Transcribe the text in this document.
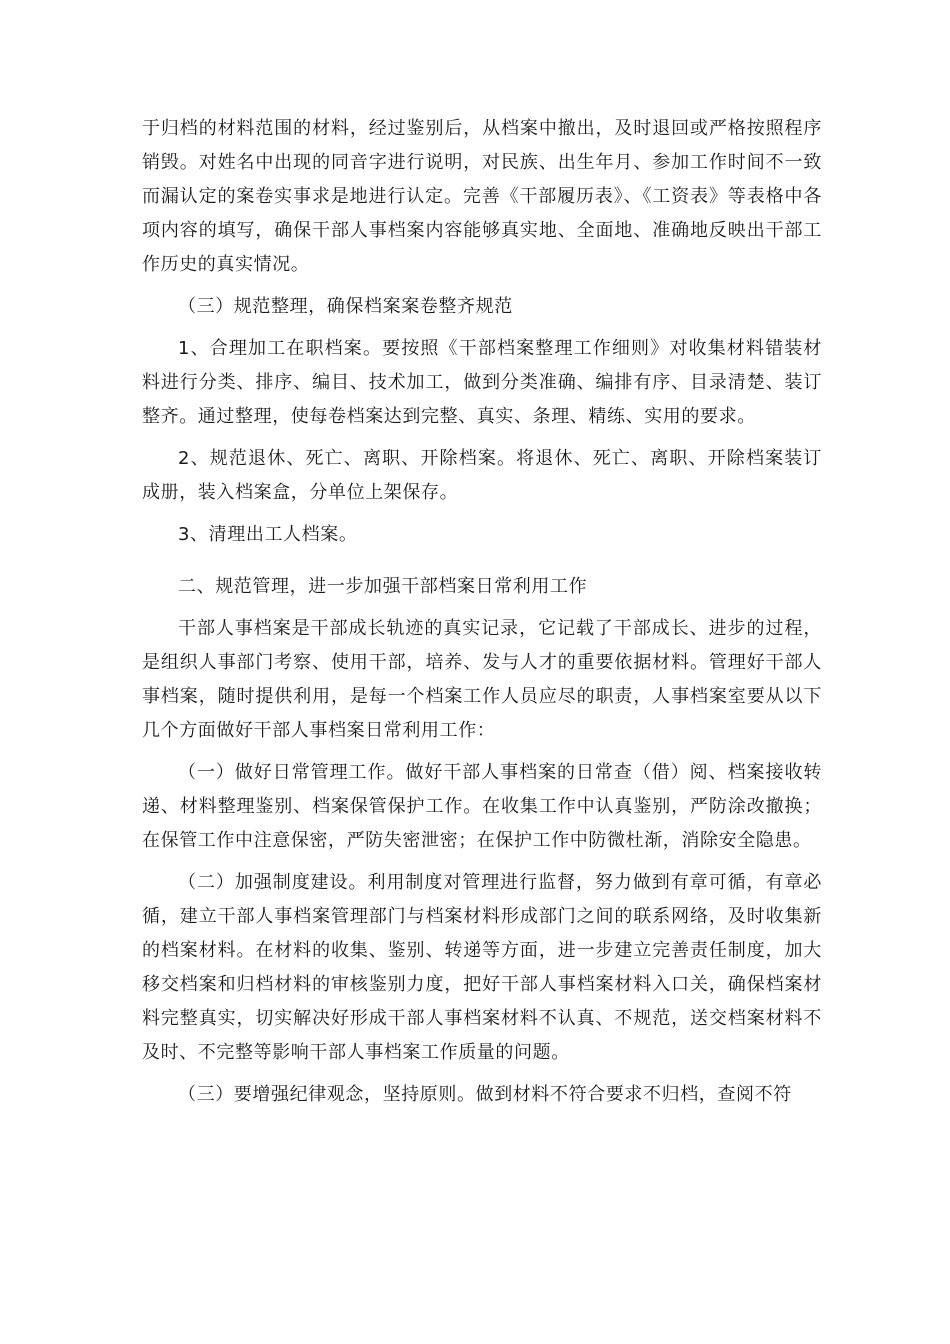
于归档的材料范围的材料，经过鉴别后，从档案中撤出，及时退回或严格按照程序销毁。对姓名中出现的同音字进行说明，对民族、出生年月、参加工作时间不一致而漏认定的案卷实事求是地进行认定。完善《干部履历表》、《工资表》等表格中各项内容的填写，确保干部人事档案内容能够真实地、全面地、准确地反映出干部工作历史的真实情况。

（三）规范整理，确保档案案卷整齐规范

1、合理加工在职档案。要按照《干部档案整理工作细则》对收集材料错装材料进行分类、排序、编目、技术加工，做到分类准确、编排有序、目录清楚、装订整齐。通过整理，使每卷档案达到完整、真实、条理、精练、实用的要求。

2、规范退休、死亡、离职、开除档案。将退休、死亡、离职、开除档案装订成册，装入档案盒，分单位上架保存。

3、清理出工人档案。

二、规范管理，进一步加强干部档案日常利用工作

干部人事档案是干部成长轨迹的真实记录，它记载了干部成长、进步的过程，是组织人事部门考察、使用干部，培养、发与人才的重要依据材料。管理好干部人事档案，随时提供利用，是每一个档案工作人员应尽的职责，人事档案室要从以下几个方面做好干部人事档案日常利用工作：

（一）做好日常管理工作。做好干部人事档案的日常查（借）阅、档案接收转递、材料整理鉴别、档案保管保护工作。在收集工作中认真鉴别，严防涂改撤换；在保管工作中注意保密，严防失密泄密；在保护工作中防微杜渐，消除安全隐患。

（二）加强制度建设。利用制度对管理进行监督，努力做到有章可循，有章必循，建立干部人事档案管理部门与档案材料形成部门之间的联系网络，及时收集新的档案材料。在材料的收集、鉴别、转递等方面，进一步建立完善责任制度，加大移交档案和归档材料的审核鉴别力度，把好干部人事档案材料入口关，确保档案材料完整真实，切实解决好形成干部人事档案材料不认真、不规范，送交档案材料不及时、不完整等影响干部人事档案工作质量的问题。

（三）要增强纪律观念，坚持原则。做到材料不符合要求不归档，查阅不符
